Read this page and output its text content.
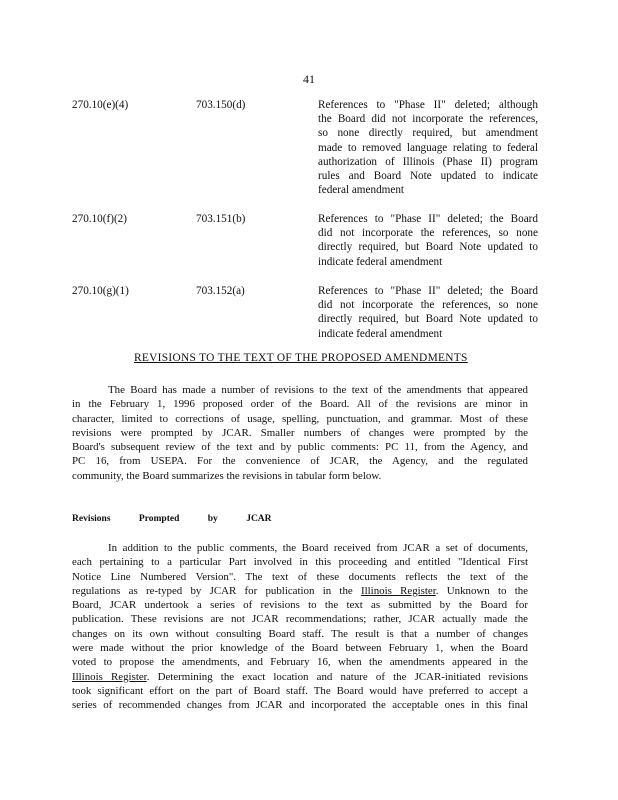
41
270.10(e)(4)	703.150(d)	References to "Phase II" deleted; although
the Board did not incorporate the references,
so none directly required, but amendment
made to removed language relating to federal
authorization of Illinois (Phase II) program
rules and Board Note updated to indicate
federal amendment
270.10(f)(2)	703.151(b)	References to "Phase II" deleted; the Board
did not incorporate the references, so none
directly required, but Board Note updated to
indicate federal amendment
270.10(g)(1)	703.152(a)	References to "Phase II" deleted; the Board
did not incorporate the references, so none
directly required, but Board Note updated to
indicate federal amendment
REVISIONS TO THE TEXT OF THE PROPOSED AMENDMENTS
The Board has made a number of revisions to the text of the amendments that appeared
in the February 1, 1996 proposed order of the Board. All of the revisions are minor in
character, limited to corrections of usage, spelling, punctuation, and grammar. Most of these
revisions were prompted by JCAR. Smaller numbers of changes were prompted by the
Board's subsequent review of the text and by public comments: PC 11, from the Agency, and
PC 16, from USEPA. For the convenience of JCAR, the Agency, and the regulated
community, the Board summarizes the revisions in tabular form below.
Revisions	Prompted	by	JCAR
In addition to the public comments, the Board received from JCAR a set of documents,
each pertaining to a particular Part involved in this proceeding and entitled "Identical First
Notice Line Numbered Version". The text of these documents reflects the text of the
regulations as re-typed by JCAR for publication in the Illinois Register. Unknown to the
Board, JCAR undertook a series of revisions to the text as submitted by the Board for
publication. These revisions are not JCAR recommendations; rather, JCAR actually made the
changes on its own without consulting Board staff. The result is that a number of changes
were made without the prior knowledge of the Board between February 1, when the Board
voted to propose the amendments, and February 16, when the amendments appeared in the
Illinois Register. Determining the exact location and nature of the JCAR-initiated revisions
took significant effort on the part of Board staff. The Board would have preferred to accept a
series of recommended changes from JCAR and incorporated the acceptable ones in this final
